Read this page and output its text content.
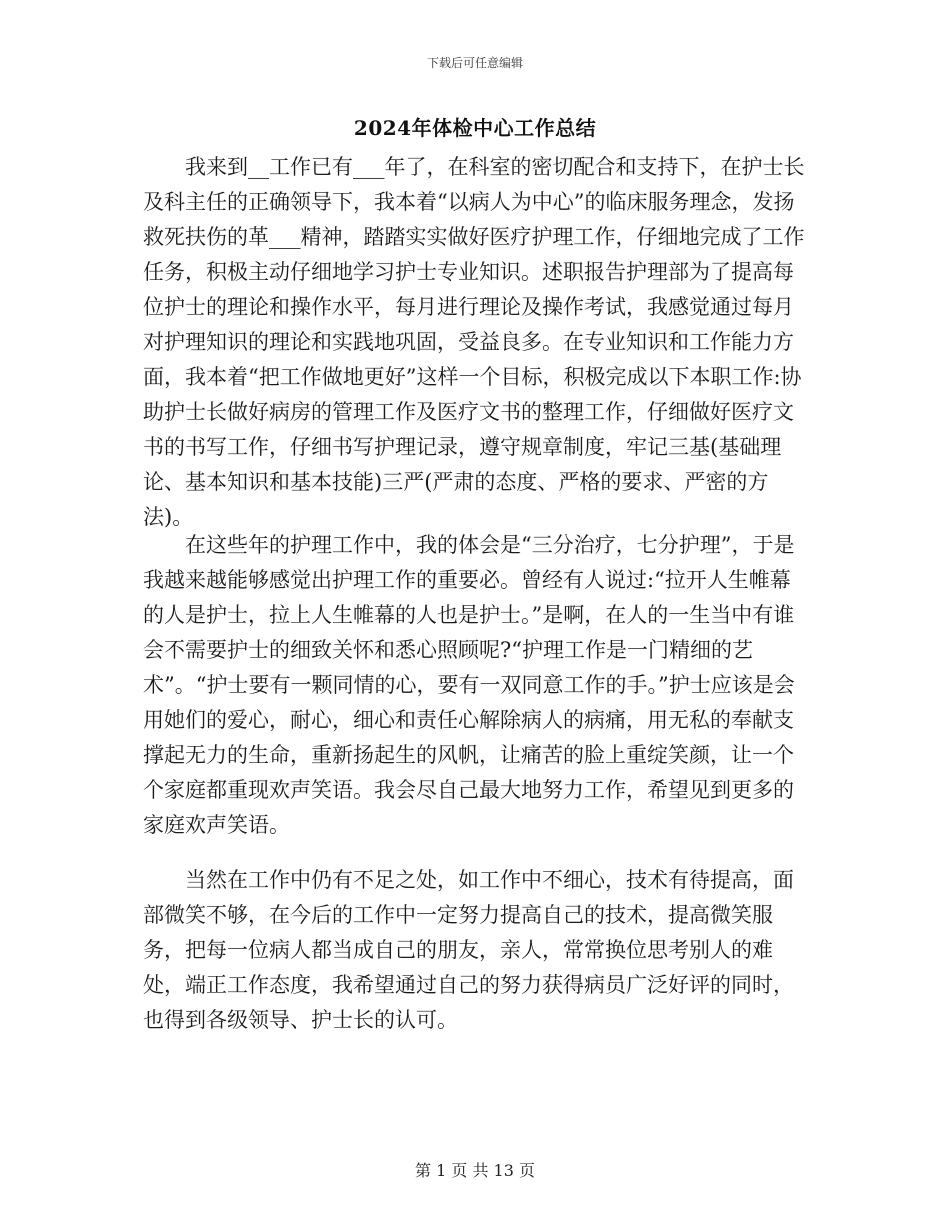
下载后可任意编辑
2024年体检中心工作总结

我来到__工作已有___年了，在科室的密切配合和支持下，在护士长及科主任的正确领导下，我本着“以病人为中心”的临床服务理念，发扬救死扶伤的革___精神，踏踏实实做好医疗护理工作，仔细地完成了工作任务，积极主动仔细地学习护士专业知识。述职报告护理部为了提高每位护士的理论和操作水平，每月进行理论及操作考试，我感觉通过每月对护理知识的理论和实践地巩固，受益良多。在专业知识和工作能力方面，我本着“把工作做地更好”这样一个目标，积极完成以下本职工作:协助护士长做好病房的管理工作及医疗文书的整理工作，仔细做好医疗文书的书写工作，仔细书写护理记录，遵守规章制度，牢记三基(基础理论、基本知识和基本技能)三严(严肃的态度、严格的要求、严密的方法)。

在这些年的护理工作中，我的体会是“三分治疗，七分护理”，于是我越来越能够感觉出护理工作的重要必。曾经有人说过:“拉开人生帷幕的人是护士，拉上人生帷幕的人也是护士。”是啊，在人的一生当中有谁会不需要护士的细致关怀和悉心照顾呢?“护理工作是一门精细的艺术”。“护士要有一颗同情的心，要有一双同意工作的手。”护士应该是会用她们的爱心，耐心，细心和责任心解除病人的病痛，用无私的奉献支撑起无力的生命，重新扬起生的风帆，让痛苦的脸上重绽笑颜，让一个个家庭都重现欢声笑语。我会尽自己最大地努力工作，希望见到更多的家庭欢声笑语。

当然在工作中仍有不足之处，如工作中不细心，技术有待提高，面部微笑不够，在今后的工作中一定努力提高自己的技术，提高微笑服务，把每一位病人都当成自己的朋友，亲人，常常换位思考别人的难处，端正工作态度，我希望通过自己的努力获得病员广泛好评的同时，也得到各级领导、护士长的认可。

第 1 页 共 13 页
